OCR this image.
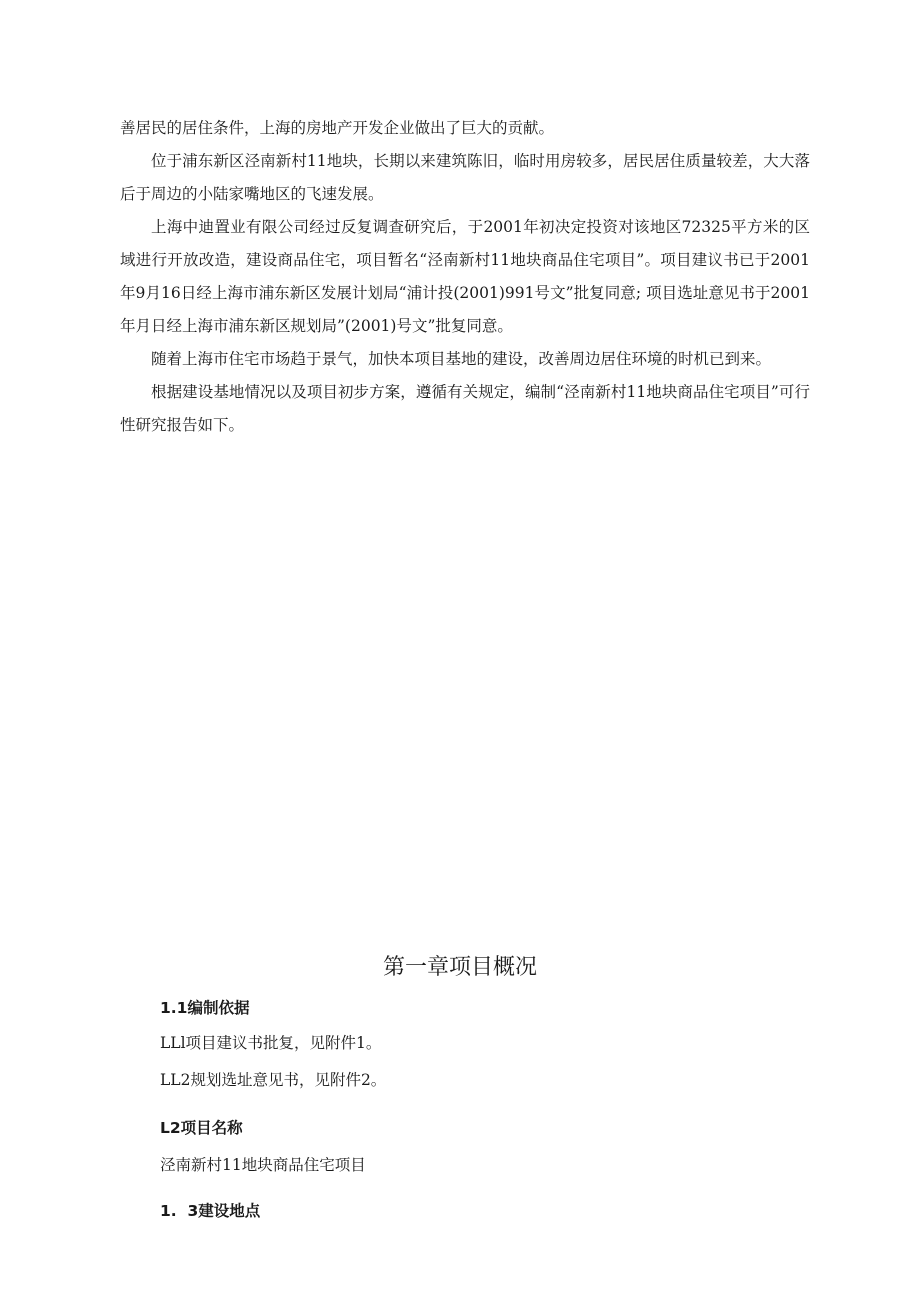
善居民的居住条件，上海的房地产开发企业做出了巨大的贡献。

位于浦东新区泾南新村11地块，长期以来建筑陈旧，临时用房较多，居民居住质量较差，大大落后于周边的小陆家嘴地区的飞速发展。

上海中迪置业有限公司经过反复调查研究后，于2001年初决定投资对该地区72325平方米的区域进行开放改造，建设商品住宅，项目暂名“泾南新村11地块商品住宅项目”。项目建议书已于2001年9月16日经上海市浦东新区发展计划局“浦计投(2001)991号文”批复同意; 项目选址意见书于2001年月日经上海市浦东新区规划局”(2001)号文”批复同意。

随着上海市住宅市场趋于景气，加快本项目基地的建设，改善周边居住环境的时机已到来。

根据建设基地情况以及项目初步方案，遵循有关规定，编制“泾南新村11地块商品住宅项目”可行性研究报告如下。

第一章项目概况
1.1编制依据
LLl项目建议书批复，见附件1。
LL2规划选址意见书，见附件2。
L2项目名称
泾南新村11地块商品住宅项目
1.  3建设地点
